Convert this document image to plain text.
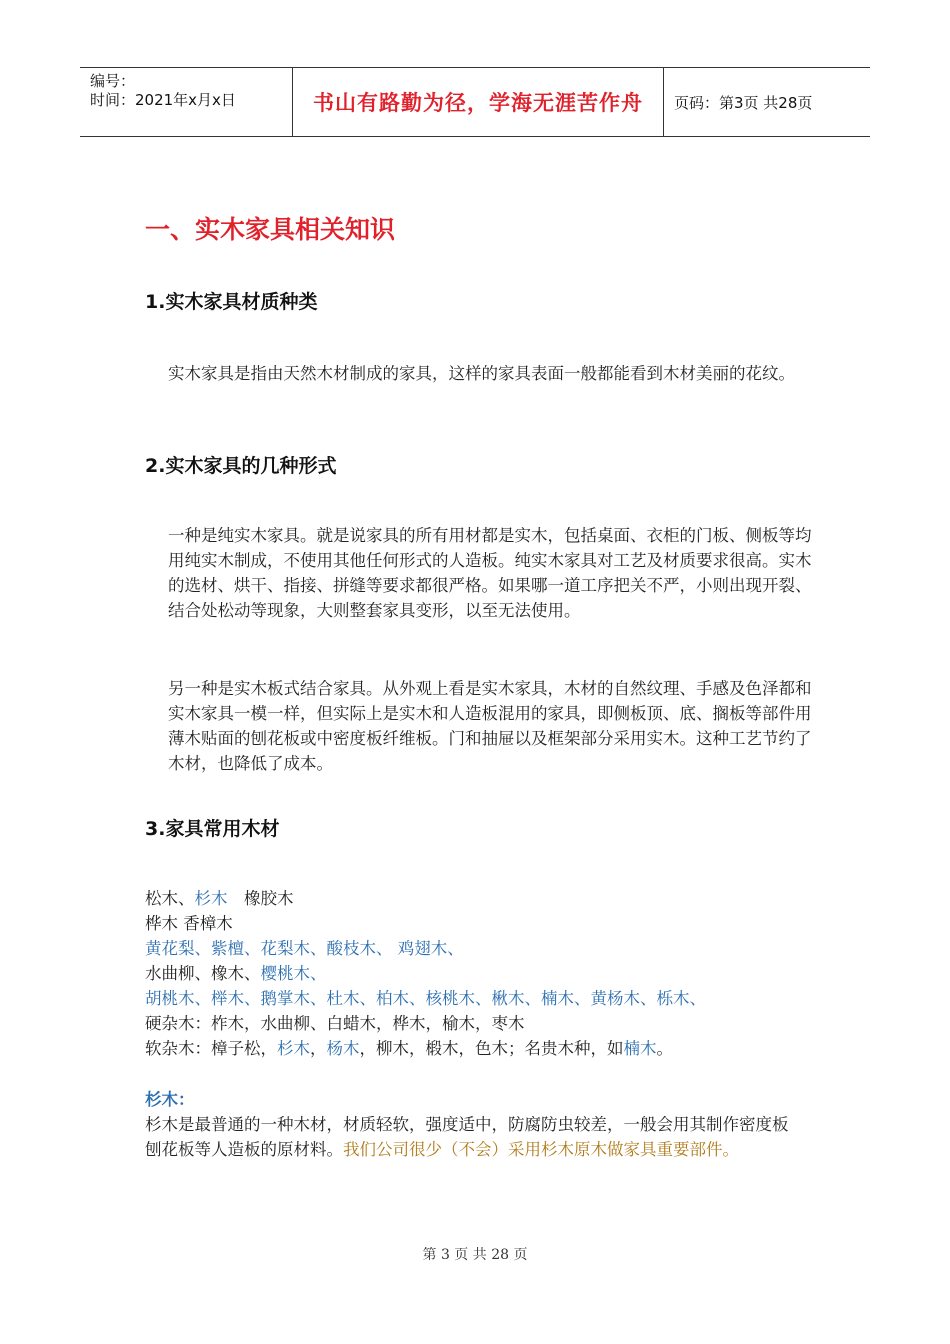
编号：
时间：2021年x月x日	书山有路勤为径，学海无涯苦作舟	页码：第3页 共28页
一、实木家具相关知识
1.实木家具材质种类

实木家具是指由天然木材制成的家具，这样的家具表面一般都能看到木材美丽的花纹。

2.实木家具的几种形式

一种是纯实木家具。就是说家具的所有用材都是实木，包括桌面、衣柜的门板、侧板等均用纯实木制成，不使用其他任何形式的人造板。纯实木家具对工艺及材质要求很高。实木的选材、烘干、指接、拼缝等要求都很严格。如果哪一道工序把关不严，小则出现开裂、结合处松动等现象，大则整套家具变形，以至无法使用。

另一种是实木板式结合家具。从外观上看是实木家具，木材的自然纹理、手感及色泽都和实木家具一模一样，但实际上是实木和人造板混用的家具，即侧板顶、底、搁板等部件用薄木贴面的刨花板或中密度板纤维板。门和抽屉以及框架部分采用实木。这种工艺节约了木材，也降低了成本。

3.家具常用木材
松木、杉木　橡胶木
桦木 香樟木
黄花梨、紫檀、花梨木、酸枝木、 鸡翅木、
水曲柳、橡木、樱桃木、
胡桃木、榉木、鹅掌木、杜木、柏木、核桃木、楸木、楠木、黄杨木、栎木、
硬杂木：柞木，水曲柳、白蜡木，桦木，榆木，枣木
软杂木：樟子松，杉木，杨木，柳木，椴木，色木；名贵木种，如楠木。
杉木：
杉木是最普通的一种木材，材质轻软，强度适中，防腐防虫较差，一般会用其制作密度板　刨花板等人造板的原材料。我们公司很少（不会）采用杉木原木做家具重要部件。
第 3 页 共 28 页
